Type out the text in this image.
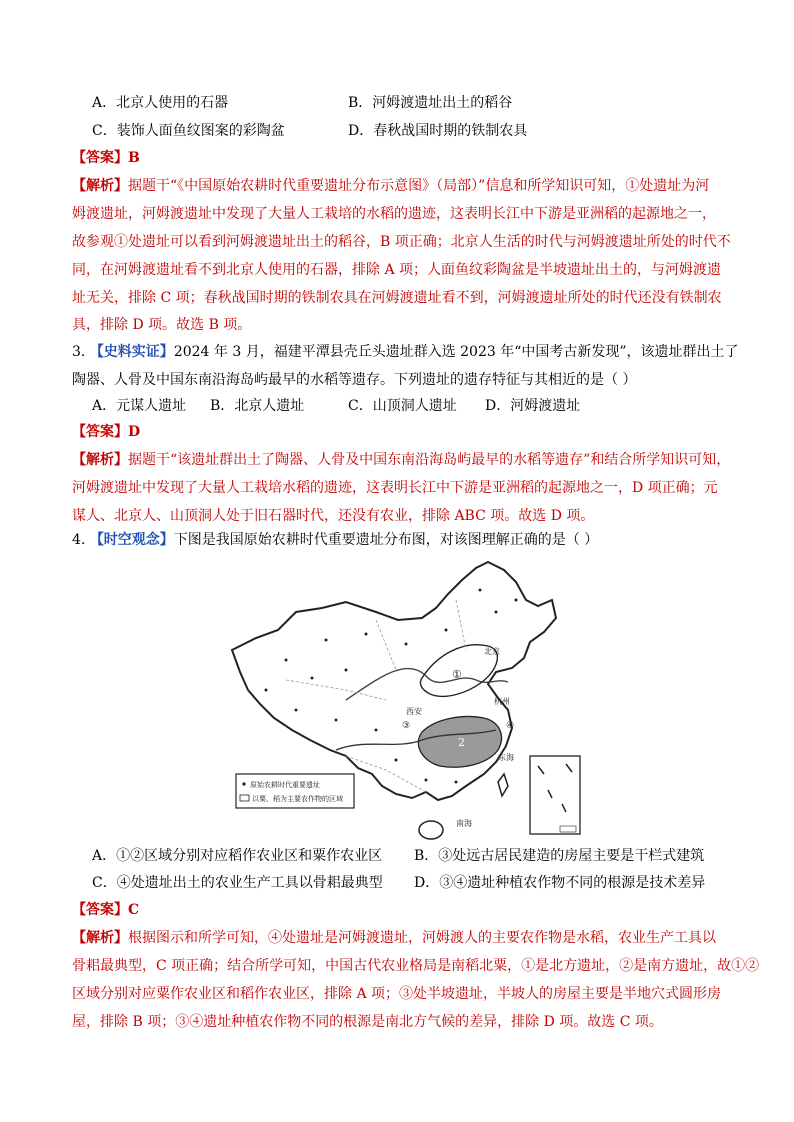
A．北京人使用的石器	B．河姆渡遗址出土的稻谷
C．装饰人面鱼纹图案的彩陶盆	D．春秋战国时期的铁制农具
【答案】B
【解析】据题干“《中国原始农耕时代重要遗址分布示意图》（局部）”信息和所学知识可知，①处遗址为河
姆渡遗址，河姆渡遗址中发现了大量人工栽培的水稻的遗迹，这表明长江中下游是亚洲稻的起源地之一，
故参观①处遗址可以看到河姆渡遗址出土的稻谷，B 项正确；北京人生活的时代与河姆渡遗址所处的时代不
同，在河姆渡遗址看不到北京人使用的石器，排除 A 项；人面鱼纹彩陶盆是半坡遗址出土的，与河姆渡遗
址无关，排除 C 项；春秋战国时期的铁制农具在河姆渡遗址看不到，河姆渡遗址所处的时代还没有铁制农
具，排除 D 项。故选 B 项。
3. 【史料实证】2024 年 3 月，福建平潭县壳丘头遗址群入选 2023 年“中国考古新发现”，该遗址群出土了
陶器、人骨及中国东南沿海岛屿最早的水稻等遗存。下列遗址的遗存特征与其相近的是（ ）
A．元谋人遗址 B．北京人遗址	C．山顶洞人遗址 D．河姆渡遗址
【答案】D
【解析】据题干“该遗址群出土了陶器、人骨及中国东南沿海岛屿最早的水稻等遗存”和结合所学知识可知，
河姆渡遗址中发现了大量人工栽培水稻的遗迹，这表明长江中下游是亚洲稻的起源地之一，D 项正确；元
谋人、北京人、山顶洞人处于旧石器时代，还没有农业，排除 ABC 项。故选 D 项。
4. 【时空观念】下图是我国原始农耕时代重要遗址分布图，对该图理解正确的是（ ）
北京
①
西安
③
2
杭州
④
东海
南海
原始农耕时代重要遗址
以粟、稻为主要农作物的区域
A．①②区域分别对应稻作农业区和粟作农业区 B．③处远古居民建造的房屋主要是干栏式建筑
C．④处遗址出土的农业生产工具以骨耜最典型 D．③④遗址种植农作物不同的根源是技术差异
【答案】C
【解析】根据图示和所学可知，④处遗址是河姆渡遗址，河姆渡人的主要农作物是水稻，农业生产工具以
骨耜最典型，C 项正确；结合所学可知，中国古代农业格局是南稻北粟，①是北方遗址，②是南方遗址，故①②
区域分别对应粟作农业区和稻作农业区，排除 A 项；③处半坡遗址，半坡人的房屋主要是半地穴式圆形房
屋，排除 B 项；③④遗址种植农作物不同的根源是南北方气候的差异，排除 D 项。故选 C 项。
